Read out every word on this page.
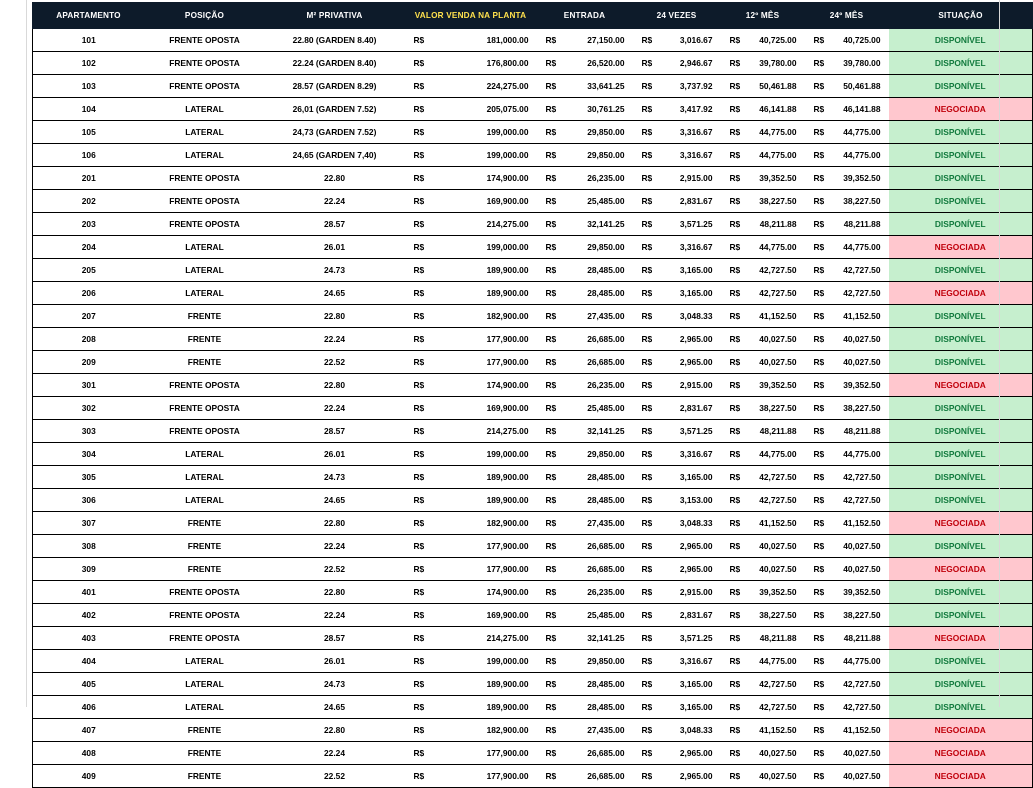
APARTAMENTO	POSIÇÃO	M² PRIVATIVA	VALOR VENDA NA PLANTA	ENTRADA	24 VEZES	12º MÊS	24º MÊS	SITUAÇÃO
101	FRENTE OPOSTA	22.80 (GARDEN 8.40)	R$ 181,000.00	R$ 27,150.00	R$ 3,016.67	R$ 40,725.00	R$ 40,725.00	DISPONÍVEL
102	FRENTE OPOSTA	22.24 (GARDEN 8.40)	R$ 176,800.00	R$ 26,520.00	R$ 2,946.67	R$ 39,780.00	R$ 39,780.00	DISPONÍVEL
103	FRENTE OPOSTA	28.57 (GARDEN 8.29)	R$ 224,275.00	R$ 33,641.25	R$ 3,737.92	R$ 50,461.88	R$ 50,461.88	DISPONÍVEL
104	LATERAL	26,01 (GARDEN 7.52)	R$ 205,075.00	R$ 30,761.25	R$ 3,417.92	R$ 46,141.88	R$ 46,141.88	NEGOCIADA
105	LATERAL	24,73 (GARDEN 7.52)	R$ 199,000.00	R$ 29,850.00	R$ 3,316.67	R$ 44,775.00	R$ 44,775.00	DISPONÍVEL
106	LATERAL	24,65 (GARDEN 7,40)	R$ 199,000.00	R$ 29,850.00	R$ 3,316.67	R$ 44,775.00	R$ 44,775.00	DISPONÍVEL
201	FRENTE OPOSTA	22.80	R$ 174,900.00	R$ 26,235.00	R$ 2,915.00	R$ 39,352.50	R$ 39,352.50	DISPONÍVEL
202	FRENTE OPOSTA	22.24	R$ 169,900.00	R$ 25,485.00	R$ 2,831.67	R$ 38,227.50	R$ 38,227.50	DISPONÍVEL
203	FRENTE OPOSTA	28.57	R$ 214,275.00	R$ 32,141.25	R$ 3,571.25	R$ 48,211.88	R$ 48,211.88	DISPONÍVEL
204	LATERAL	26.01	R$ 199,000.00	R$ 29,850.00	R$ 3,316.67	R$ 44,775.00	R$ 44,775.00	NEGOCIADA
205	LATERAL	24.73	R$ 189,900.00	R$ 28,485.00	R$ 3,165.00	R$ 42,727.50	R$ 42,727.50	DISPONÍVEL
206	LATERAL	24.65	R$ 189,900.00	R$ 28,485.00	R$ 3,165.00	R$ 42,727.50	R$ 42,727.50	NEGOCIADA
207	FRENTE	22.80	R$ 182,900.00	R$ 27,435.00	R$ 3,048.33	R$ 41,152.50	R$ 41,152.50	DISPONÍVEL
208	FRENTE	22.24	R$ 177,900.00	R$ 26,685.00	R$ 2,965.00	R$ 40,027.50	R$ 40,027.50	DISPONÍVEL
209	FRENTE	22.52	R$ 177,900.00	R$ 26,685.00	R$ 2,965.00	R$ 40,027.50	R$ 40,027.50	DISPONÍVEL
301	FRENTE OPOSTA	22.80	R$ 174,900.00	R$ 26,235.00	R$ 2,915.00	R$ 39,352.50	R$ 39,352.50	NEGOCIADA
302	FRENTE OPOSTA	22.24	R$ 169,900.00	R$ 25,485.00	R$ 2,831.67	R$ 38,227.50	R$ 38,227.50	DISPONÍVEL
303	FRENTE OPOSTA	28.57	R$ 214,275.00	R$ 32,141.25	R$ 3,571.25	R$ 48,211.88	R$ 48,211.88	DISPONÍVEL
304	LATERAL	26.01	R$ 199,000.00	R$ 29,850.00	R$ 3,316.67	R$ 44,775.00	R$ 44,775.00	DISPONÍVEL
305	LATERAL	24.73	R$ 189,900.00	R$ 28,485.00	R$ 3,165.00	R$ 42,727.50	R$ 42,727.50	DISPONÍVEL
306	LATERAL	24.65	R$ 189,900.00	R$ 28,485.00	R$ 3,153.00	R$ 42,727.50	R$ 42,727.50	DISPONÍVEL
307	FRENTE	22.80	R$ 182,900.00	R$ 27,435.00	R$ 3,048.33	R$ 41,152.50	R$ 41,152.50	NEGOCIADA
308	FRENTE	22.24	R$ 177,900.00	R$ 26,685.00	R$ 2,965.00	R$ 40,027.50	R$ 40,027.50	DISPONÍVEL
309	FRENTE	22.52	R$ 177,900.00	R$ 26,685.00	R$ 2,965.00	R$ 40,027.50	R$ 40,027.50	NEGOCIADA
401	FRENTE OPOSTA	22.80	R$ 174,900.00	R$ 26,235.00	R$ 2,915.00	R$ 39,352.50	R$ 39,352.50	DISPONÍVEL
402	FRENTE OPOSTA	22.24	R$ 169,900.00	R$ 25,485.00	R$ 2,831.67	R$ 38,227.50	R$ 38,227.50	DISPONÍVEL
403	FRENTE OPOSTA	28.57	R$ 214,275.00	R$ 32,141.25	R$ 3,571.25	R$ 48,211.88	R$ 48,211.88	NEGOCIADA
404	LATERAL	26.01	R$ 199,000.00	R$ 29,850.00	R$ 3,316.67	R$ 44,775.00	R$ 44,775.00	DISPONÍVEL
405	LATERAL	24.73	R$ 189,900.00	R$ 28,485.00	R$ 3,165.00	R$ 42,727.50	R$ 42,727.50	DISPONÍVEL
406	LATERAL	24.65	R$ 189,900.00	R$ 28,485.00	R$ 3,165.00	R$ 42,727.50	R$ 42,727.50	DISPONÍVEL
407	FRENTE	22.80	R$ 182,900.00	R$ 27,435.00	R$ 3,048.33	R$ 41,152.50	R$ 41,152.50	NEGOCIADA
408	FRENTE	22.24	R$ 177,900.00	R$ 26,685.00	R$ 2,965.00	R$ 40,027.50	R$ 40,027.50	NEGOCIADA
409	FRENTE	22.52	R$ 177,900.00	R$ 26,685.00	R$ 2,965.00	R$ 40,027.50	R$ 40,027.50	NEGOCIADA
